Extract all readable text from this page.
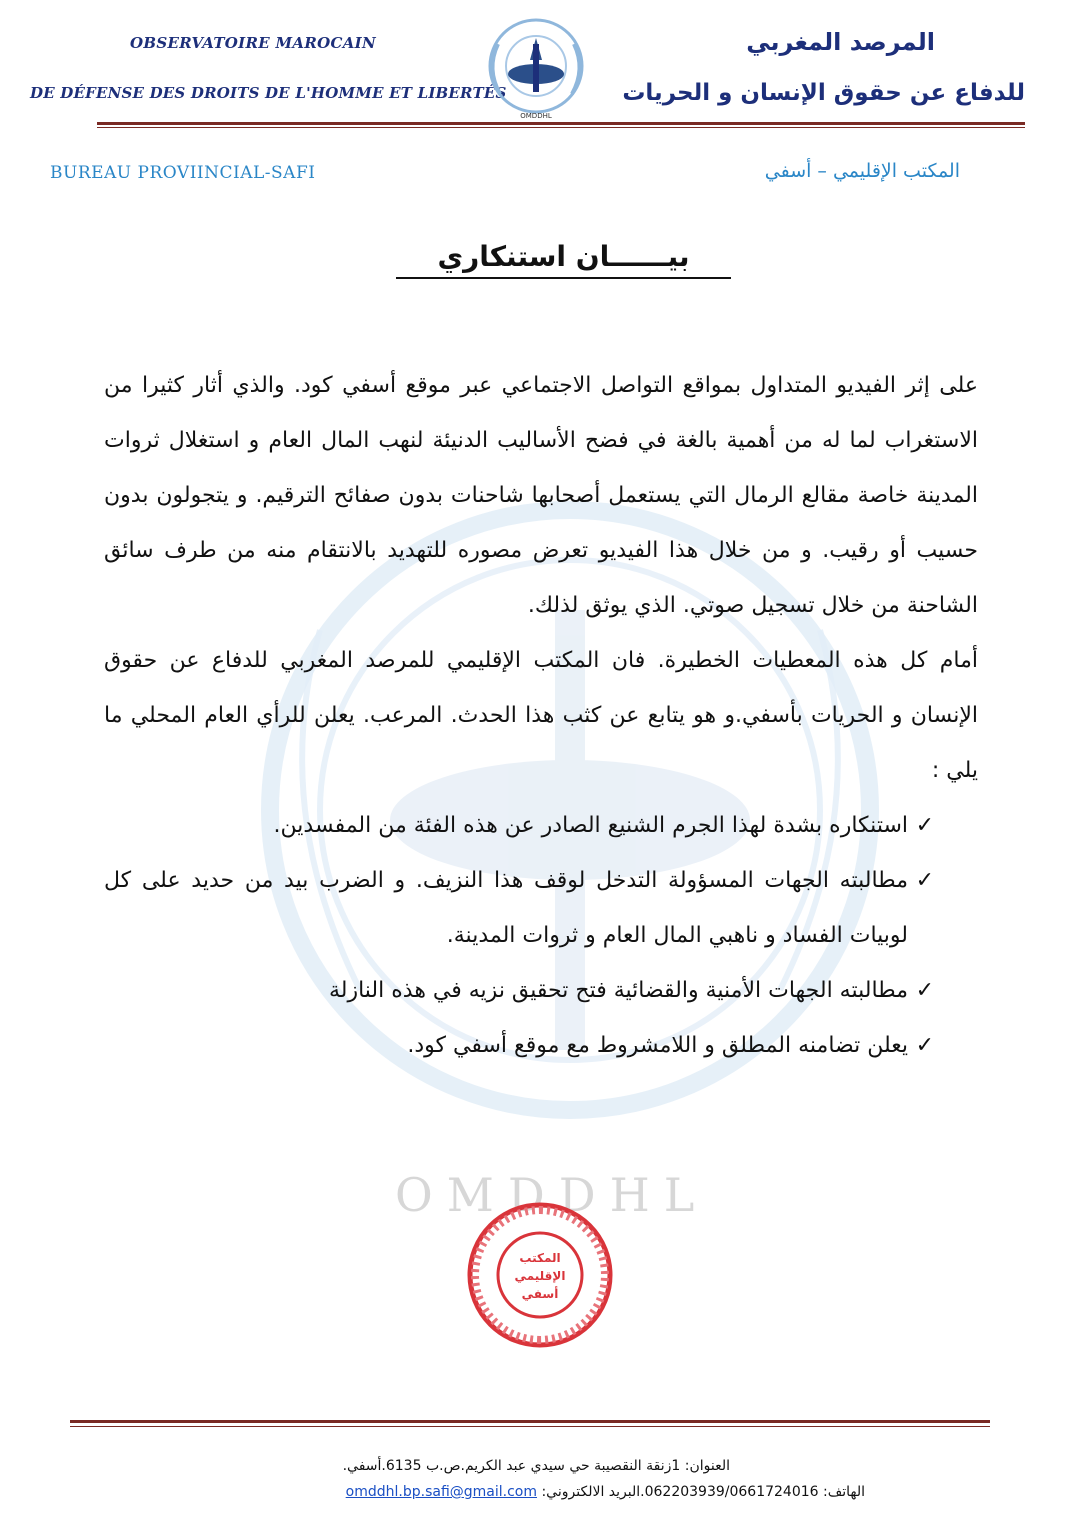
OMDDHL
OBSERVATOIRE MAROCAIN
DE DÉFENSE DES DROITS DE L'HOMME ET LIBERTÉS
المرصد المغربي
للدفاع عن حقوق الإنسان و الحريات
OMDDHL
BUREAU PROVIINCIAL-SAFI	المكتب الإقليمي – أسفي
بيــــــان استنكاري

على إثر الفيديو المتداول بمواقع التواصل الاجتماعي عبر موقع أسفي كود. والذي أثار كثيرا من الاستغراب لما له من أهمية بالغة في فضح الأساليب الدنيئة لنهب المال العام و استغلال ثروات المدينة خاصة مقالع الرمال التي يستعمل أصحابها شاحنات بدون صفائح الترقيم. و يتجولون بدون حسيب أو رقيب. و من خلال هذا الفيديو تعرض مصوره للتهديد بالانتقام منه من طرف سائق الشاحنة من خلال تسجيل صوتي. الذي يوثق لذلك.

أمام كل هذه المعطيات الخطيرة. فان المكتب الإقليمي للمرصد المغربي للدفاع عن حقوق الإنسان و الحريات بأسفي.و هو يتابع عن كثب هذا الحدث. المرعب. يعلن للرأي العام المحلي ما يلي :

✓
استنكاره بشدة لهذا الجرم الشنيع الصادر عن هذه الفئة من المفسدين.
✓
مطالبته الجهات المسؤولة التدخل لوقف هذا النزيف. و الضرب بيد من حديد على كل لوبيات الفساد و ناهبي المال العام و ثروات المدينة.
✓
مطالبته الجهات الأمنية والقضائية فتح تحقيق نزيه في هذه النازلة
✓
يعلن تضامنه المطلق و اللامشروط مع موقع أسفي كود.
المكتب
الإقليمي
أسفي
العنوان: 1زنقة النقصيبة حي سيدي عبد الكريم.ص.ب 6135.أسفي.
الهاتف: 062203939/0661724016.البريد الالكتروني: omddhl.bp.safi@gmail.com
